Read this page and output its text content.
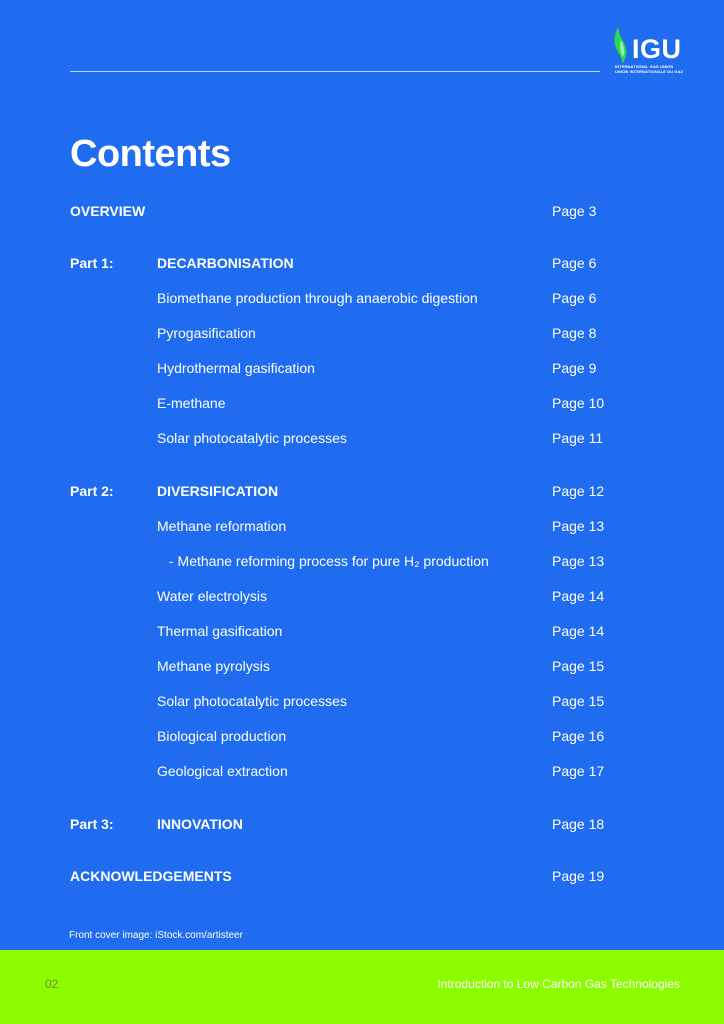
IGU
INTERNATIONAL GAS UNION
UNION INTERNATIONALE DU GAZ
Contents
OVERVIEW	Page 3
Part 1:	DECARBONISATION	Page 6
Biomethane production through anaerobic digestion	Page 6
Pyrogasification	Page 8
Hydrothermal gasification	Page 9
E-methane	Page 10
Solar photocatalytic processes	Page 11
Part 2:	DIVERSIFICATION	Page 12
Methane reformation	Page 13
- Methane reforming process for pure H₂ production	Page 13
Water electrolysis	Page 14
Thermal gasification	Page 14
Methane pyrolysis	Page 15
Solar photocatalytic processes	Page 15
Biological production	Page 16
Geological extraction	Page 17
Part 3:	INNOVATION	Page 18
ACKNOWLEDGEMENTS	Page 19
Front cover image: iStock.com/artisteer
02	Introduction to Low Carbon Gas Technologies
